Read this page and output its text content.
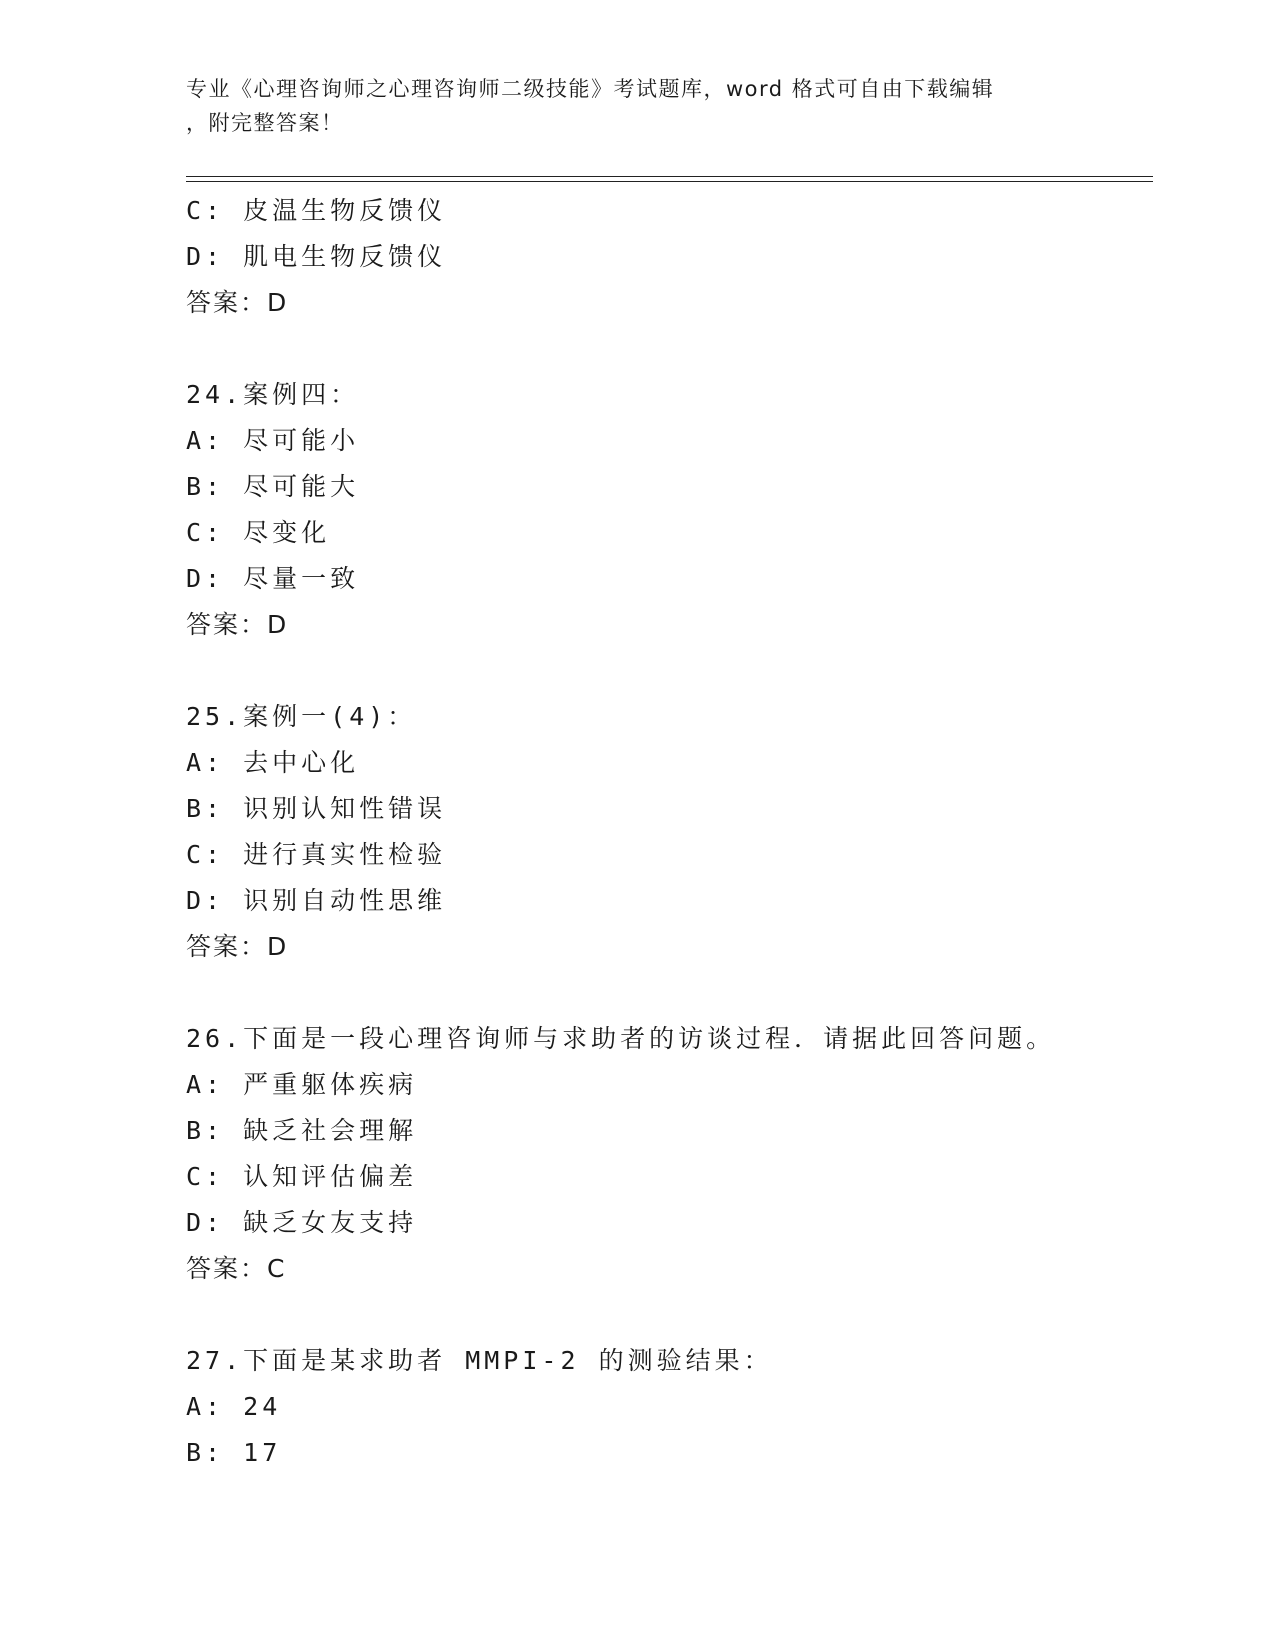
专业《心理咨询师之心理咨询师二级技能》考试题库，word 格式可自由下载编辑
，附完整答案！
C: 皮温生物反馈仪
D: 肌电生物反馈仪
答案：D
24.案例四：
A: 尽可能小
B: 尽可能大
C: 尽变化
D: 尽量一致
答案：D
25.案例一(4)：
A: 去中心化
B: 识别认知性错误
C: 进行真实性检验
D: 识别自动性思维
答案：D
26.下面是一段心理咨询师与求助者的访谈过程．请据此回答问题。
A: 严重躯体疾病
B: 缺乏社会理解
C: 认知评估偏差
D: 缺乏女友支持
答案：C
27.下面是某求助者 MMPI-2 的测验结果：
A: 24
B: 17
